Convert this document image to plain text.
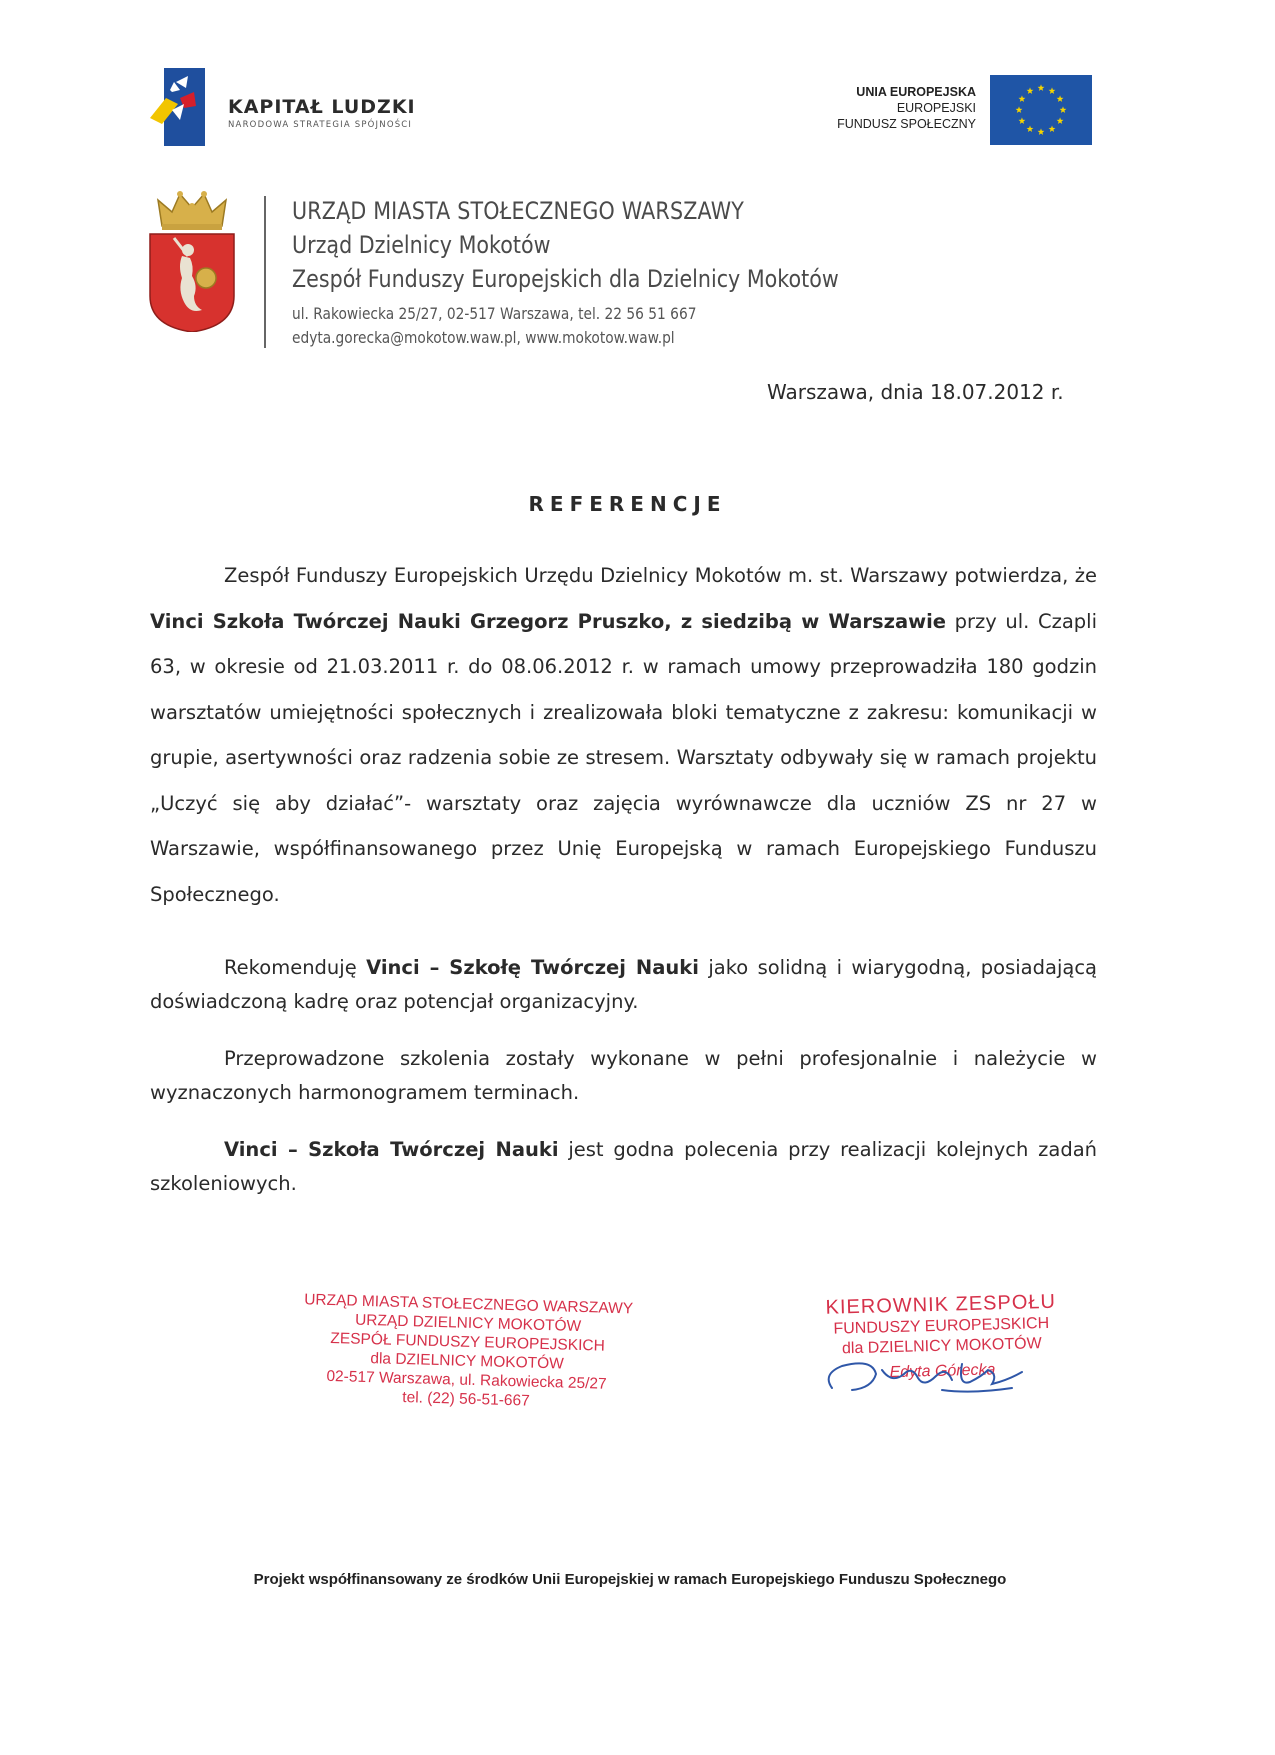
KAPITAŁ LUDZKI
NARODOWA STRATEGIA SPÓJNOŚCI
UNIA EUROPEJSKA
EUROPEJSKI
FUNDUSZ SPOŁECZNY
URZĄD MIASTA STOŁECZNEGO WARSZAWY
Urząd Dzielnicy Mokotów
Zespół Funduszy Europejskich dla Dzielnicy Mokotów
ul. Rakowiecka 25/27, 02-517 Warszawa, tel. 22 56 51 667
edyta.gorecka@mokotow.waw.pl, www.mokotow.waw.pl
Warszawa, dnia 18.07.2012 r.
REFERENCJE

Zespół Funduszy Europejskich Urzędu Dzielnicy Mokotów m. st. Warszawy potwierdza, że Vinci Szkoła Twórczej Nauki Grzegorz Pruszko, z siedzibą w Warszawie przy ul. Czapli 63, w okresie od 21.03.2011 r. do 08.06.2012 r. w ramach umowy przeprowadziła 180 godzin warsztatów umiejętności społecznych i zrealizowała bloki tematyczne z zakresu: komunikacji w grupie, asertywności oraz radzenia sobie ze stresem. Warsztaty odbywały się w ramach projektu „Uczyć się aby działać”- warsztaty oraz zajęcia wyrównawcze dla uczniów ZS nr 27 w Warszawie, współfinansowanego przez Unię Europejską w ramach Europejskiego Funduszu Społecznego.

Rekomenduję Vinci – Szkołę Twórczej Nauki jako solidną i wiarygodną, posiadającą doświadczoną kadrę oraz potencjał organizacyjny.

Przeprowadzone szkolenia zostały wykonane w pełni profesjonalnie i należycie w wyznaczonych harmonogramem terminach.

Vinci – Szkoła Twórczej Nauki jest godna polecenia przy realizacji kolejnych zadań szkoleniowych.

URZĄD MIASTA STOŁECZNEGO WARSZAWY
URZĄD DZIELNICY MOKOTÓW
ZESPÓŁ FUNDUSZY EUROPEJSKICH
dla DZIELNICY MOKOTÓW
02-517 Warszawa, ul. Rakowiecka 25/27
tel. (22) 56-51-667
KIEROWNIK ZESPOŁU
FUNDUSZY EUROPEJSKICH
dla DZIELNICY MOKOTÓW
Edyta Górecka
Projekt współfinansowany ze środków Unii Europejskiej w ramach Europejskiego Funduszu Społecznego
